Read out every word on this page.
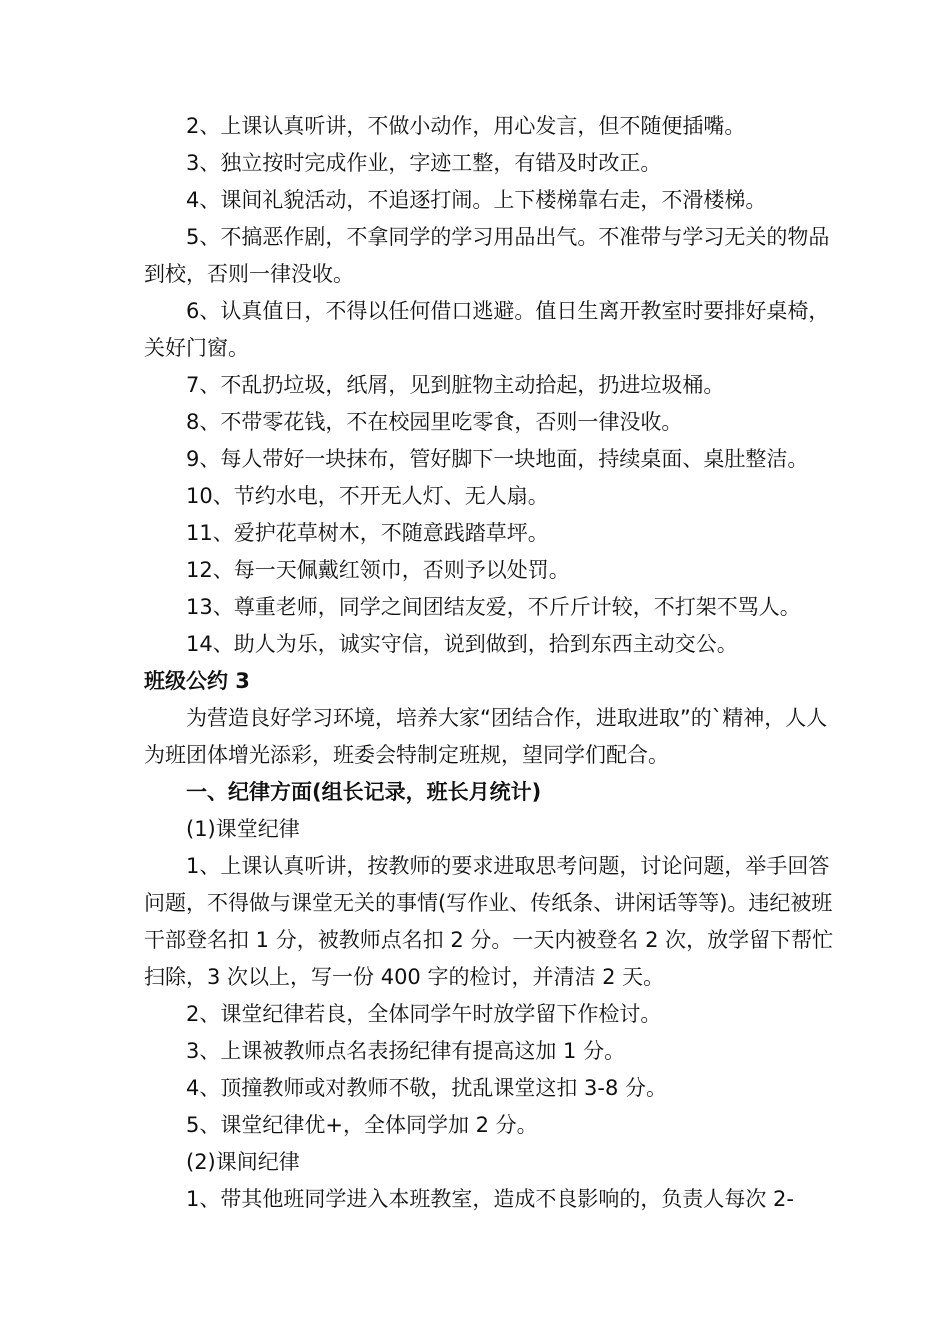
2、上课认真听讲，不做小动作，用心发言，但不随便插嘴。

3、独立按时完成作业，字迹工整，有错及时改正。

4、课间礼貌活动，不追逐打闹。上下楼梯靠右走，不滑楼梯。

5、不搞恶作剧，不拿同学的学习用品出气。不准带与学习无关的物品到校，否则一律没收。

6、认真值日，不得以任何借口逃避。值日生离开教室时要排好桌椅，关好门窗。

7、不乱扔垃圾，纸屑，见到脏物主动拾起，扔进垃圾桶。

8、不带零花钱，不在校园里吃零食，否则一律没收。

9、每人带好一块抹布，管好脚下一块地面，持续桌面、桌肚整洁。

10、节约水电，不开无人灯、无人扇。

11、爱护花草树木，不随意践踏草坪。

12、每一天佩戴红领巾，否则予以处罚。

13、尊重老师，同学之间团结友爱，不斤斤计较，不打架不骂人。

14、助人为乐，诚实守信，说到做到，拾到东西主动交公。

班级公约 3

为营造良好学习环境，培养大家“团结合作，进取进取”的`精神，人人为班团体增光添彩，班委会特制定班规，望同学们配合。

一、纪律方面(组长记录，班长月统计)

(1)课堂纪律

1、上课认真听讲，按教师的要求进取思考问题，讨论问题，举手回答问题，不得做与课堂无关的事情(写作业、传纸条、讲闲话等等)。违纪被班干部登名扣 1 分，被教师点名扣 2 分。一天内被登名 2 次，放学留下帮忙扫除，3 次以上，写一份 400 字的检讨，并清洁 2 天。

2、课堂纪律若良，全体同学午时放学留下作检讨。

3、上课被教师点名表扬纪律有提高这加 1 分。

4、顶撞教师或对教师不敬，扰乱课堂这扣 3-8 分。

5、课堂纪律优+，全体同学加 2 分。

(2)课间纪律

1、带其他班同学进入本班教室，造成不良影响的，负责人每次 2-
